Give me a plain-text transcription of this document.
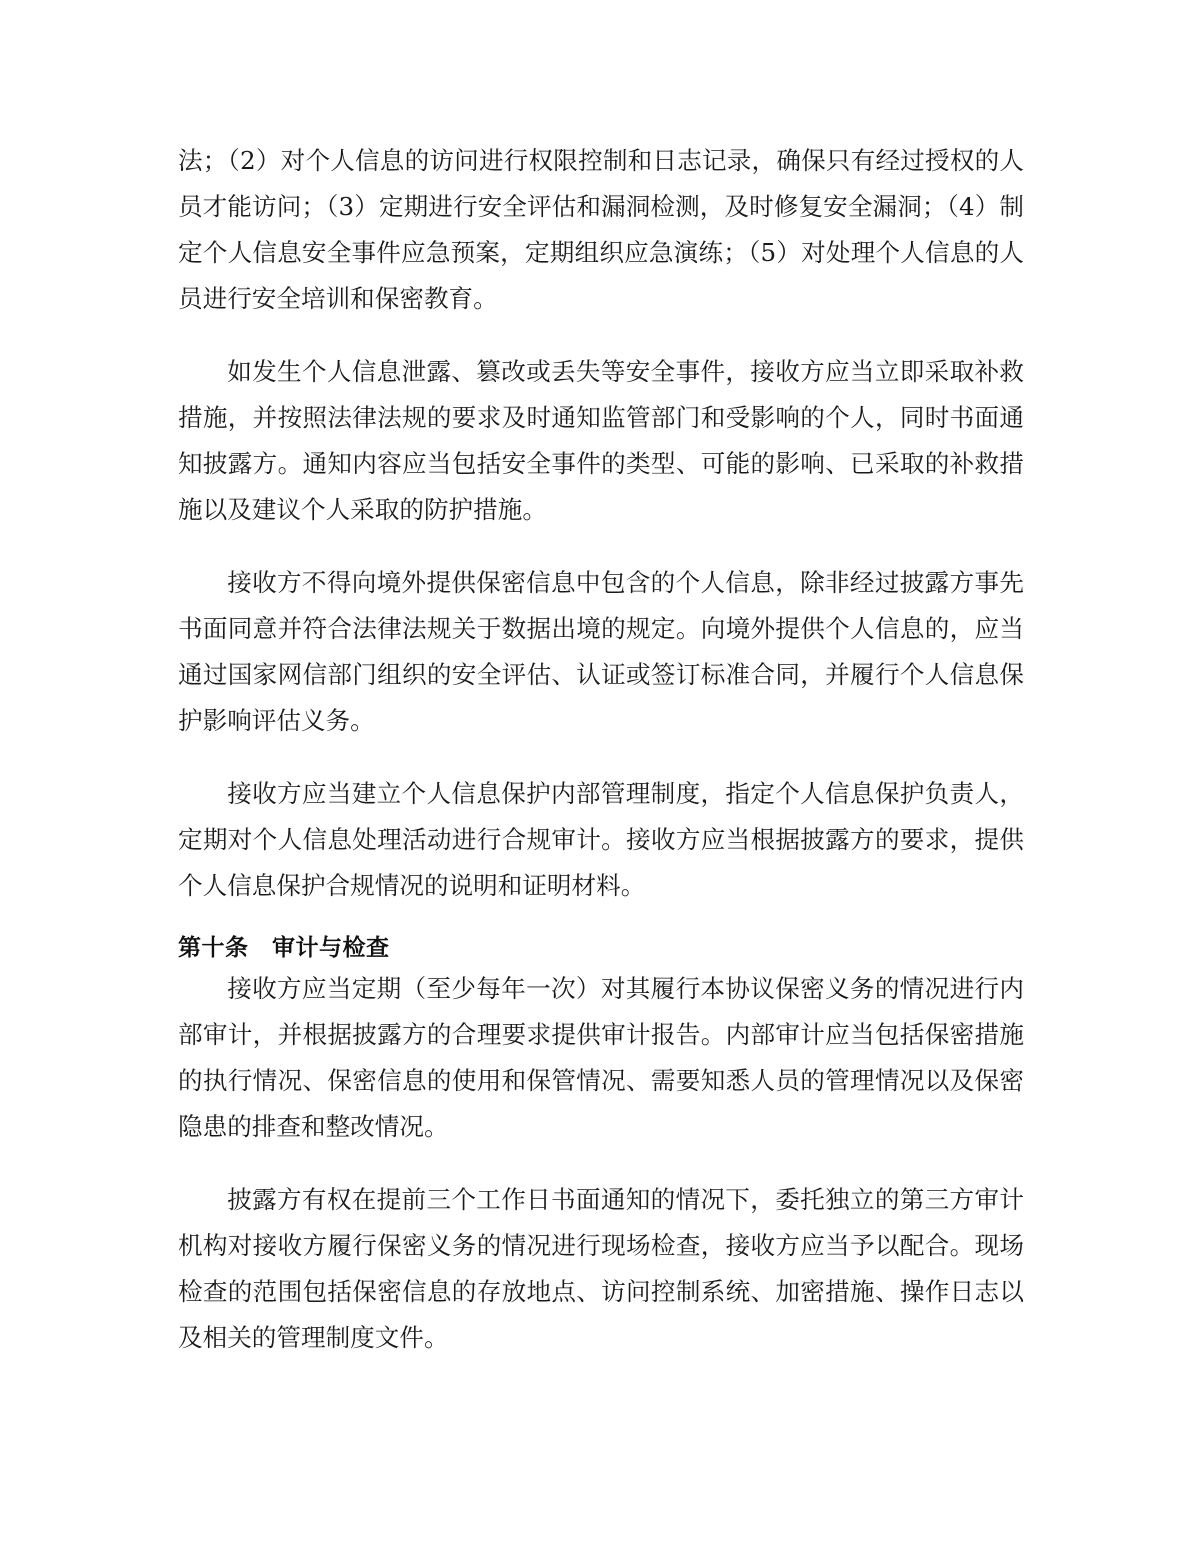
法；（2）对个人信息的访问进行权限控制和日志记录，确保只有经过授权的人员才能访问；（3）定期进行安全评估和漏洞检测，及时修复安全漏洞；（4）制定个人信息安全事件应急预案，定期组织应急演练；（5）对处理个人信息的人员进行安全培训和保密教育。

如发生个人信息泄露、篡改或丢失等安全事件，接收方应当立即采取补救措施，并按照法律法规的要求及时通知监管部门和受影响的个人，同时书面通知披露方。通知内容应当包括安全事件的类型、可能的影响、已采取的补救措施以及建议个人采取的防护措施。

接收方不得向境外提供保密信息中包含的个人信息，除非经过披露方事先书面同意并符合法律法规关于数据出境的规定。向境外提供个人信息的，应当通过国家网信部门组织的安全评估、认证或签订标准合同，并履行个人信息保护影响评估义务。

接收方应当建立个人信息保护内部管理制度，指定个人信息保护负责人，定期对个人信息处理活动进行合规审计。接收方应当根据披露方的要求，提供个人信息保护合规情况的说明和证明材料。

第十条　审计与检查

接收方应当定期（至少每年一次）对其履行本协议保密义务的情况进行内部审计，并根据披露方的合理要求提供审计报告。内部审计应当包括保密措施的执行情况、保密信息的使用和保管情况、需要知悉人员的管理情况以及保密隐患的排查和整改情况。

披露方有权在提前三个工作日书面通知的情况下，委托独立的第三方审计机构对接收方履行保密义务的情况进行现场检查，接收方应当予以配合。现场检查的范围包括保密信息的存放地点、访问控制系统、加密措施、操作日志以及相关的管理制度文件。
